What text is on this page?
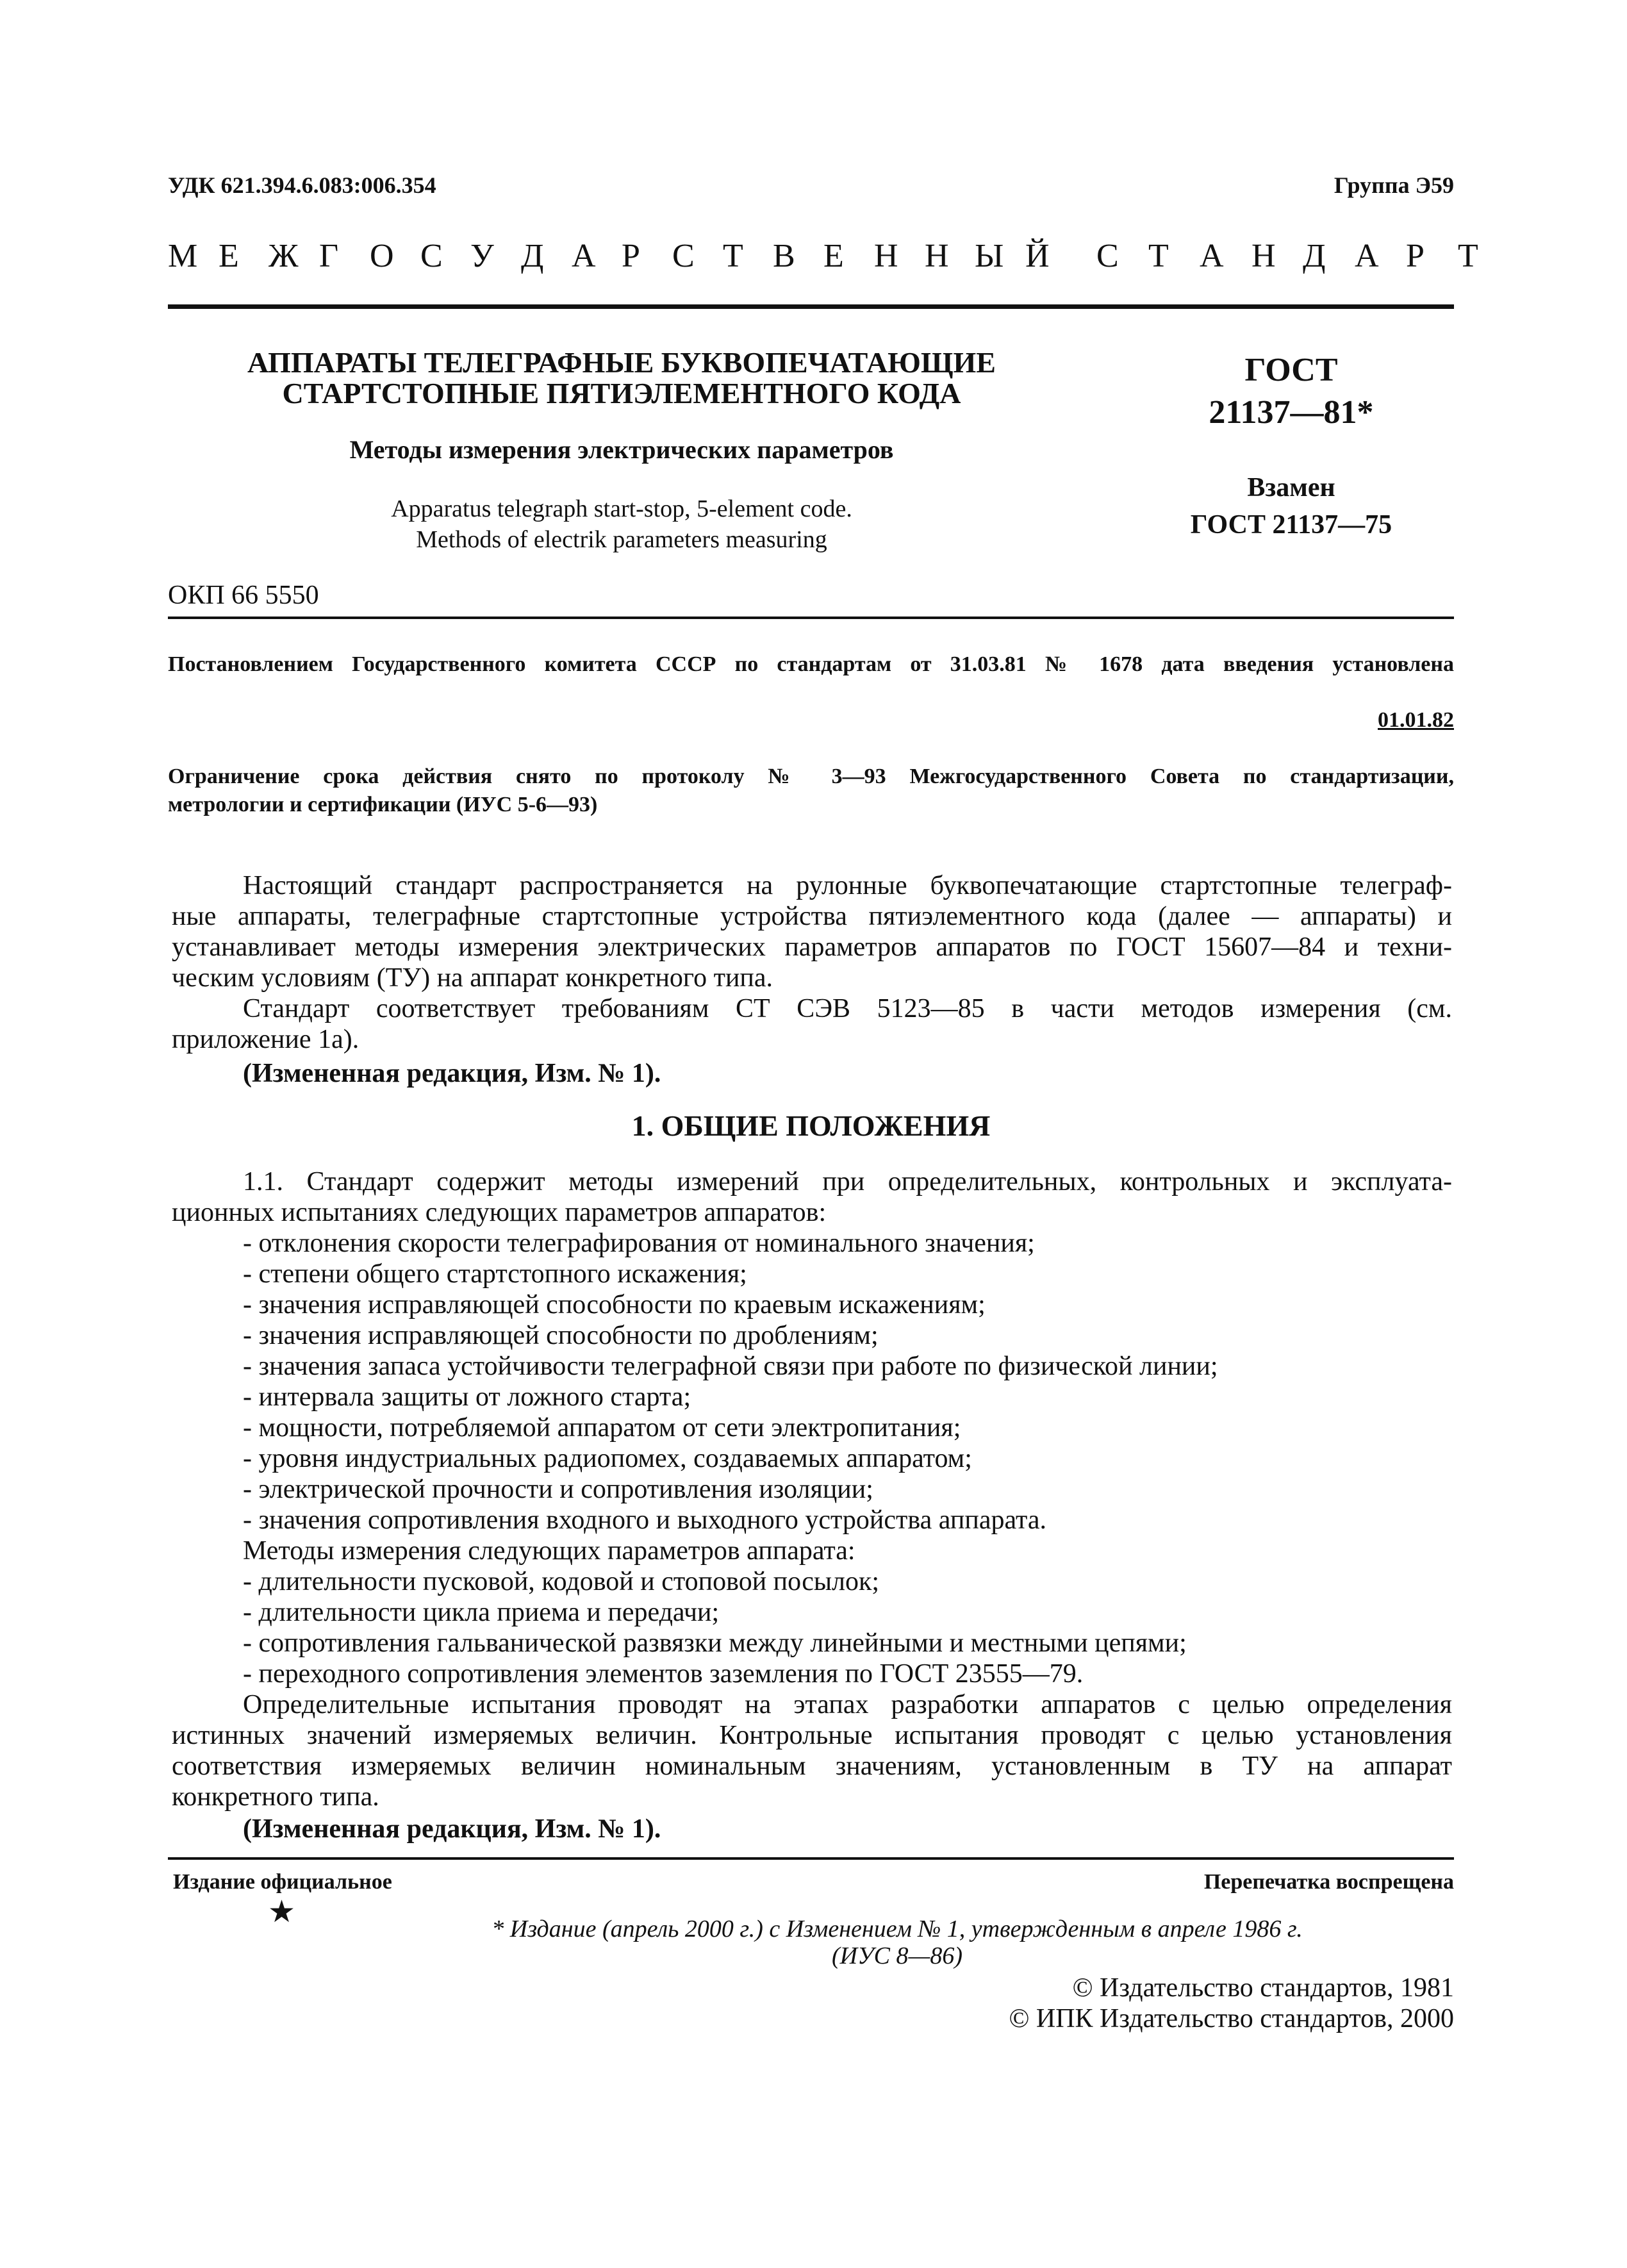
УДК 621.394.6.083:006.354	Группа Э59
М Е Ж Г О С У Д А Р С Т В Е Н Н Ы Й С Т А Н Д А Р Т
АППАРАТЫ ТЕЛЕГРАФНЫЕ БУКВОПЕЧАТАЮЩИЕ
СТАРТСТОПНЫЕ ПЯТИЭЛЕМЕНТНОГО КОДА
Методы измерения электрических параметров
Apparatus telegraph start-stop, 5-element code.
Methods of electrik parameters measuring
ГОСТ
21137—81*
Взамен
ГОСТ 21137—75
ОКП 66 5550
Постановлением Государственного комитета СССР по стандартам от 31.03.81 № 1678 дата введения установлена
01.01.82
Ограничение срока действия снято по протоколу № 3—93 Межгосударственного Совета по стандартизации,
метрологии и сертификации (ИУС 5-6—93)
Настоящий стандарт распространяется на рулонные буквопечатающие стартстопные телеграф-
ные аппараты, телеграфные стартстопные устройства пятиэлементного кода (далее — аппараты) и
устанавливает методы измерения электрических параметров аппаратов по ГОСТ 15607—84 и техни-
ческим условиям (ТУ) на аппарат конкретного типа.
Стандарт соответствует требованиям СТ СЭВ 5123—85 в части методов измерения (см.
приложение 1а).
(Измененная редакция, Изм. № 1).
1. ОБЩИЕ ПОЛОЖЕНИЯ
1.1. Стандарт содержит методы измерений при определительных, контрольных и эксплуата-
ционных испытаниях следующих параметров аппаратов:
- отклонения скорости телеграфирования от номинального значения;
- степени общего стартстопного искажения;
- значения исправляющей способности по краевым искажениям;
- значения исправляющей способности по дроблениям;
- значения запаса устойчивости телеграфной связи при работе по физической линии;
- интервала защиты от ложного старта;
- мощности, потребляемой аппаратом от сети электропитания;
- уровня индустриальных радиопомех, создаваемых аппаратом;
- электрической прочности и сопротивления изоляции;
- значения сопротивления входного и выходного устройства аппарата.
Методы измерения следующих параметров аппарата:
- длительности пусковой, кодовой и стоповой посылок;
- длительности цикла приема и передачи;
- сопротивления гальванической развязки между линейными и местными цепями;
- переходного сопротивления элементов заземления по ГОСТ 23555—79.
Определительные испытания проводят на этапах разработки аппаратов с целью определения
истинных значений измеряемых величин. Контрольные испытания проводят с целью установления
соответствия измеряемых величин номинальным значениям, установленным в ТУ на аппарат
конкретного типа.
(Измененная редакция, Изм. № 1).
Издание официальное	Перепечатка воспрещена
★	* Издание (апрель 2000 г.) с Изменением № 1, утвержденным в апреле 1986 г.
(ИУС 8—86)
© Издательство стандартов, 1981
© ИПК Издательство стандартов, 2000
